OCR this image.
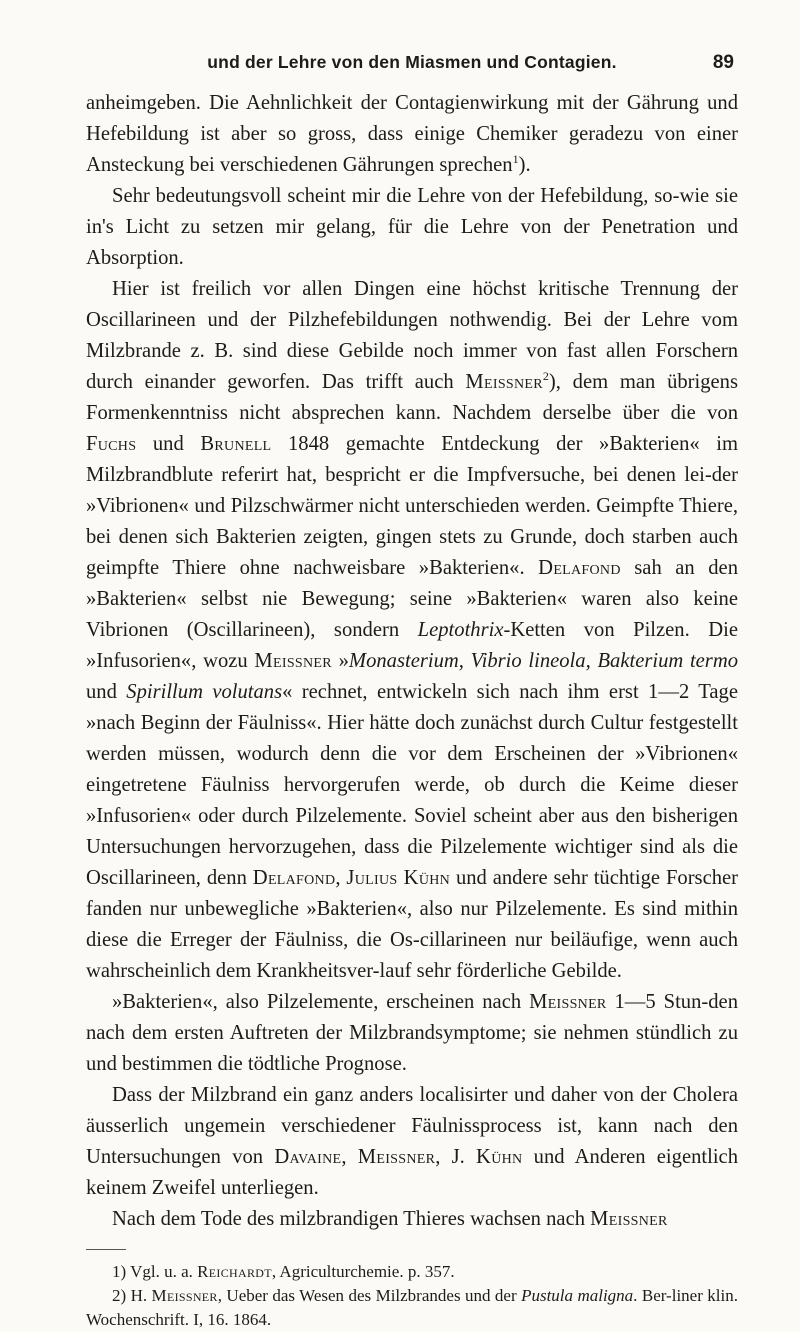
und der Lehre von den Miasmen und Contagien.	89

anheimgeben. Die Aehnlichkeit der Contagienwirkung mit der Gährung und Hefebildung ist aber so gross, dass einige Chemiker geradezu von einer Ansteckung bei verschiedenen Gährungen sprechen$^1$).

Sehr bedeutungsvoll scheint mir die Lehre von der Hefebildung, so-wie sie in's Licht zu setzen mir gelang, für die Lehre von der Penetration und Absorption.

Hier ist freilich vor allen Dingen eine höchst kritische Trennung der Oscillarineen und der Pilzhefebildungen nothwendig. Bei der Lehre vom Milzbrande z. B. sind diese Gebilde noch immer von fast allen Forschern durch einander geworfen. Das trifft auch Meissner$^2$), dem man übrigens Formenkenntniss nicht absprechen kann. Nachdem derselbe über die von Fuchs und Brunell 1848 gemachte Entdeckung der »Bakterien« im Milzbrandblute referirt hat, bespricht er die Impfversuche, bei denen lei-der »Vibrionen« und Pilzschwärmer nicht unterschieden werden. Geimpfte Thiere, bei denen sich Bakterien zeigten, gingen stets zu Grunde, doch starben auch geimpfte Thiere ohne nachweisbare »Bakterien«. Delafond sah an den »Bakterien« selbst nie Bewegung; seine »Bakterien« waren also keine Vibrionen (Oscillarineen), sondern Leptothrix-Ketten von Pilzen. Die »Infusorien«, wozu Meissner »Monasterium, Vibrio lineola, Bakterium termo und Spirillum volutans« rechnet, entwickeln sich nach ihm erst 1—2 Tage »nach Beginn der Fäulniss«. Hier hätte doch zunächst durch Cultur festgestellt werden müssen, wodurch denn die vor dem Erscheinen der »Vibrionen« eingetretene Fäulniss hervorgerufen werde, ob durch die Keime dieser »Infusorien« oder durch Pilzelemente. Soviel scheint aber aus den bisherigen Untersuchungen hervorzugehen, dass die Pilzelemente wichtiger sind als die Oscillarineen, denn Delafond, Julius Kühn und andere sehr tüchtige Forscher fanden nur unbewegliche »Bakterien«, also nur Pilzelemente. Es sind mithin diese die Erreger der Fäulniss, die Os-cillarineen nur beiläufige, wenn auch wahrscheinlich dem Krankheitsver-lauf sehr förderliche Gebilde.

»Bakterien«, also Pilzelemente, erscheinen nach Meissner 1—5 Stun-den nach dem ersten Auftreten der Milzbrandsymptome; sie nehmen stündlich zu und bestimmen die tödtliche Prognose.

Dass der Milzbrand ein ganz anders localisirter und daher von der Cholera äusserlich ungemein verschiedener Fäulnissprocess ist, kann nach den Untersuchungen von Davaine, Meissner, J. Kühn und Anderen eigentlich keinem Zweifel unterliegen.

Nach dem Tode des milzbrandigen Thieres wachsen nach Meissner

1) Vgl. u. a. Reichardt, Agriculturchemie. p. 357.

2) H. Meissner, Ueber das Wesen des Milzbrandes und der Pustula maligna. Ber-liner klin. Wochenschrift. I, 16. 1864.
